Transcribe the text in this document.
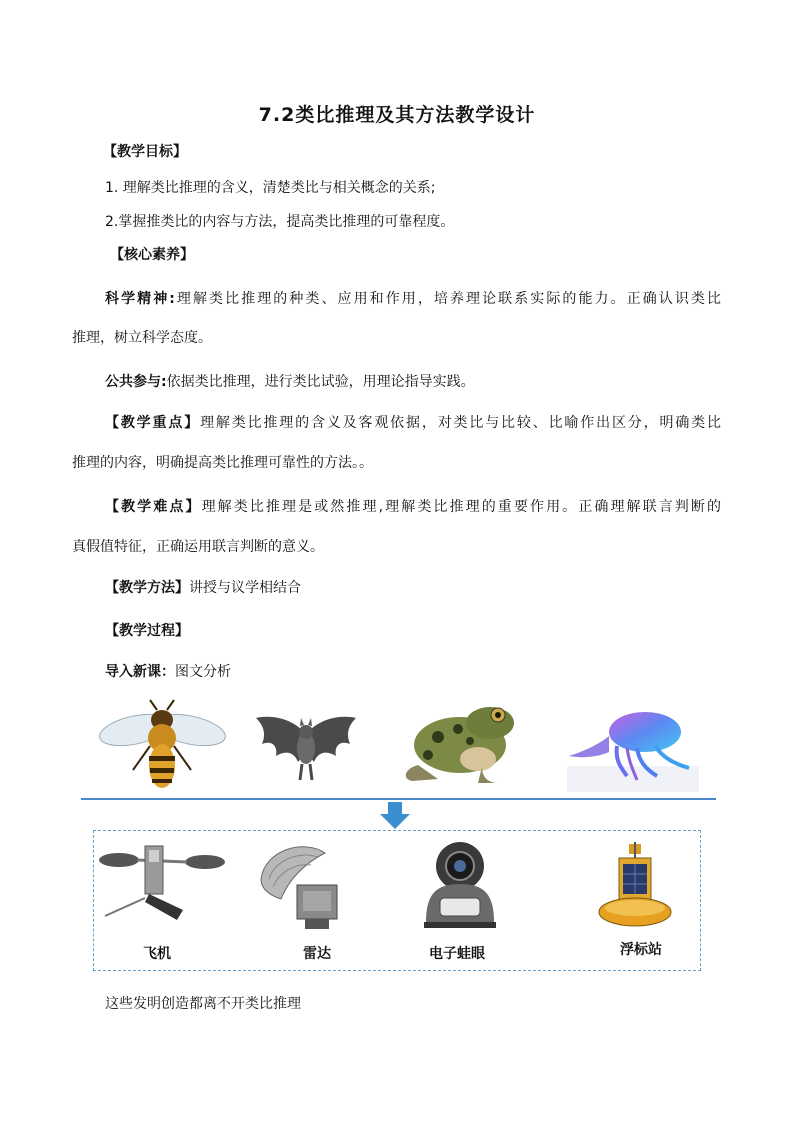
7.2类比推理及其方法教学设计
【教学目标】
1. 理解类比推理的含义，清楚类比与相关概念的关系;
2.掌握推类比的内容与方法，提高类比推理的可靠程度。
【核心素养】
科学精神:理解类比推理的种类、应用和作用，培养理论联系实际的能力。正确认识类比
推理，树立科学态度。
公共参与:依据类比推理，进行类比试验，用理论指导实践。
【教学重点】理解类比推理的含义及客观依据，对类比与比较、比喻作出区分，明确类比
推理的内容，明确提高类比推理可靠性的方法。。
【教学难点】理解类比推理是或然推理,理解类比推理的重要作用。正确理解联言判断的
真假值特征，正确运用联言判断的意义。
【教学方法】讲授与议学相结合
【教学过程】
导入新课：图文分析
飞机	雷达	电子蛙眼	浮标站
这些发明创造都离不开类比推理
